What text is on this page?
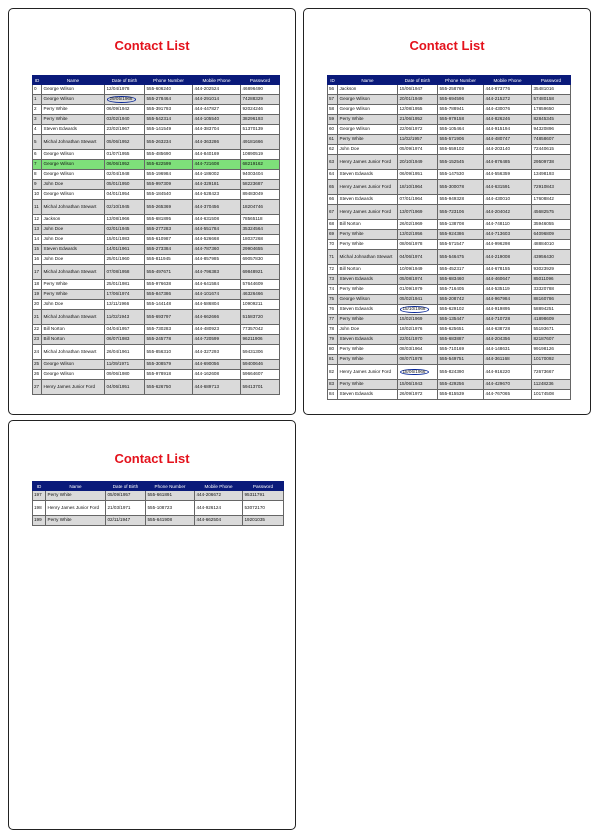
Contact List
ID	Name	Date of Birth	Phone Number	Mobile Phone	Password
0	George Wilson	12/04/1978	555-606240	444-202524	46896490
1	George Wilson	29/05/1968	555-278464	444-291014	74288329
2	Perry White	06/09/1942	555-391793	444-447827	92024246
3	Perry White	03/02/1940	555-542314	444-105540	38296193
4	Steven Edwards	23/02/1967	555-141549	444-383704	51370139
5	Michal Johnathan Stewart	05/06/1952	555-263234	444-363286	49181666
6	George Wilson	01/07/1955	555-485690	444-840169	10890519
7	George Wilson	06/06/1952	555-622599	444-721608	68219162
8	George Wilson	02/04/1948	555-196984	444-186002	94003404
9	John Doe	05/01/1950	555-997309	444-329181	58223687
10	George Wilson	04/01/1954	555-184540	444-528423	89483049
11	Michal Johnathan Stewart	02/10/1945	555-265369	444-370456	18204746
12	Jackson	13/08/1966	555-681895	444-631508	78565118
13	John Doe	02/01/1945	555-277283	444-551784	35324564
14	John Doe	15/01/1983	555-610987	444-526668	18037268
15	Steven Edwards	14/01/1961	555-273384	444-787360	29904655
16	John Doe	25/01/1960	555-811945	444-857985	69057830
17	Michal Johnathan Stewart	07/08/1958	555-497671	444-796383	69848921
18	Perry White	25/01/1981	555-976638	444-641584	57644609
19	Perry White	17/06/1974	555-847386	444-101674	46326466
20	John Doe	13/11/1966	555-144148	444-586804	10909211
21	Michal Johnathan Stewart	11/02/1943	555-693797	444-662666	51583720
22	Bill Norton	04/04/1957	555-730283	444-480923	77357042
23	Bill Norton	06/07/1983	555-245778	444-720599	96211906
24	Michal Johnathan Stewart	26/04/1961	555-856310	444-327293	59431306
25	George Wilson	11/09/1971	555-308579	444-690056	59400646
26	George Wilson	09/06/1980	555-978918	444-162608	59664607
27	Henry James Junior Ford	04/06/1951	555-626750	444-689713	59413701
Contact List
ID	Name	Date of Birth	Phone Number	Mobile Phone	Password
56	Jackson	15/06/1947	555-258769	444-873776	35481016
57	George Wilson	20/01/1949	555-694596	444-215272	57480158
58	George Wilson	12/08/1955	555-788941	444-430076	17859650
59	Perry White	21/06/1952	555-979158	444-826246	82845345
60	George Wilson	22/06/1972	555-105464	444-915194	94320896
61	Perry White	11/02/1957	555-571906	444-480747	74858607
62	John Doe	05/09/1974	555-559102	444-203140	72440615
63	Henry James Junior Ford	20/10/1949	555-152545	444-876485	29509738
64	Steven Edwards	06/09/1951	555-147530	444-556359	13498193
65	Henry James Junior Ford	18/10/1964	555-300078	444-631591	72910843
66	Steven Edwards	07/01/1964	555-949328	444-430010	17608842
67	Henry James Junior Ford	13/07/1969	555-723106	444-204042	45682575
68	Bill Norton	26/02/1969	555-138708	444-748110	35946055
69	Perry White	13/02/1956	555-924386	444-713603	64096809
70	Perry White	08/06/1978	555-571547	444-996298	48884010
71	Michal Johnathan Stewart	04/06/1974	555-546475	444-219008	43956430
72	Bill Norton	10/09/1949	555-452317	444-678155	93023929
73	Steven Edwards	05/08/1974	555-683460	444-460647	85011096
74	Perry White	01/09/1979	555-716405	444-535119	33320788
75	George Wilson	05/02/1941	555-208742	444-967984	88160786
76	Steven Edwards	15/10/1968	555-629102	444-919895	58894251
77	Perry White	15/02/1969	555-135447	444-710728	41898609
78	John Doe	18/02/1976	555-625651	444-638728	55193671
79	Steven Edwards	22/01/1970	555-683887	444-204356	82187607
80	Perry White	08/03/1964	555-710169	444-148631	99198126
81	Perry White	08/07/1978	555-549751	444-361168	10170092
82	Henry James Junior Ford	18/06/1966	555-824390	444-916220	72673667
83	Perry White	15/06/1943	555-429256	444-429670	11248236
84	Steven Edwards	26/09/1972	555-815539	444-767065	10174508
Contact List
ID	Name	Date of Birth	Phone Number	Mobile Phone	Password
197	Perry White	05/09/1957	555-661891	444-206672	95311791
198	Henry James Junior Ford	21/03/1971	555-108723	444-926124	53072170
199	Perry White	02/11/1947	555-641908	444-662504	19201035
